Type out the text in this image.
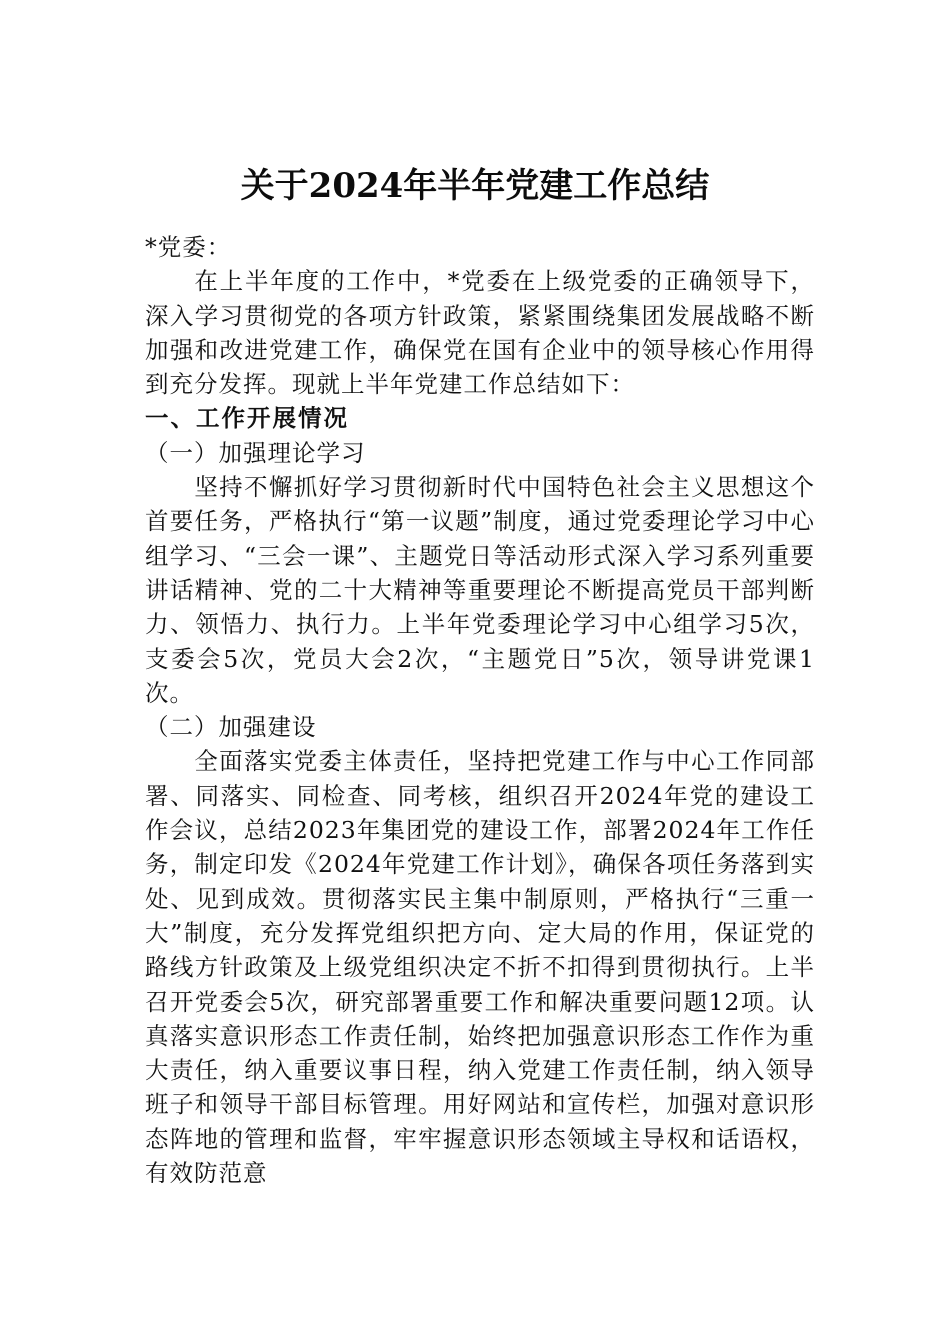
关于2024年半年党建工作总结

*党委：

在上半年度的工作中，*党委在上级党委的正确领导下，深入学习贯彻党的各项方针政策，紧紧围绕集团发展战略不断加强和改进党建工作，确保党在国有企业中的领导核心作用得到充分发挥。现就上半年党建工作总结如下：

一、工作开展情况

（一）加强理论学习

坚持不懈抓好学习贯彻新时代中国特色社会主义思想这个首要任务，严格执行“第一议题”制度，通过党委理论学习中心组学习、“三会一课”、主题党日等活动形式深入学习系列重要讲话精神、党的二十大精神等重要理论不断提高党员干部判断力、领悟力、执行力。上半年党委理论学习中心组学习5次，支委会5次，党员大会2次，“主题党日”5次，领导讲党课1次。

（二）加强建设

全面落实党委主体责任，坚持把党建工作与中心工作同部署、同落实、同检查、同考核，组织召开2024年党的建设工作会议，总结2023年集团党的建设工作，部署2024年工作任务，制定印发《2024年党建工作计划》，确保各项任务落到实处、见到成效。贯彻落实民主集中制原则，严格执行“三重一大”制度，充分发挥党组织把方向、定大局的作用，保证党的路线方针政策及上级党组织决定不折不扣得到贯彻执行。上半召开党委会5次，研究部署重要工作和解决重要问题12项。认真落实意识形态工作责任制，始终把加强意识形态工作作为重大责任，纳入重要议事日程，纳入党建工作责任制，纳入领导班子和领导干部目标管理。用好网站和宣传栏，加强对意识形态阵地的管理和监督，牢牢握意识形态领域主导权和话语权，有效防范意
